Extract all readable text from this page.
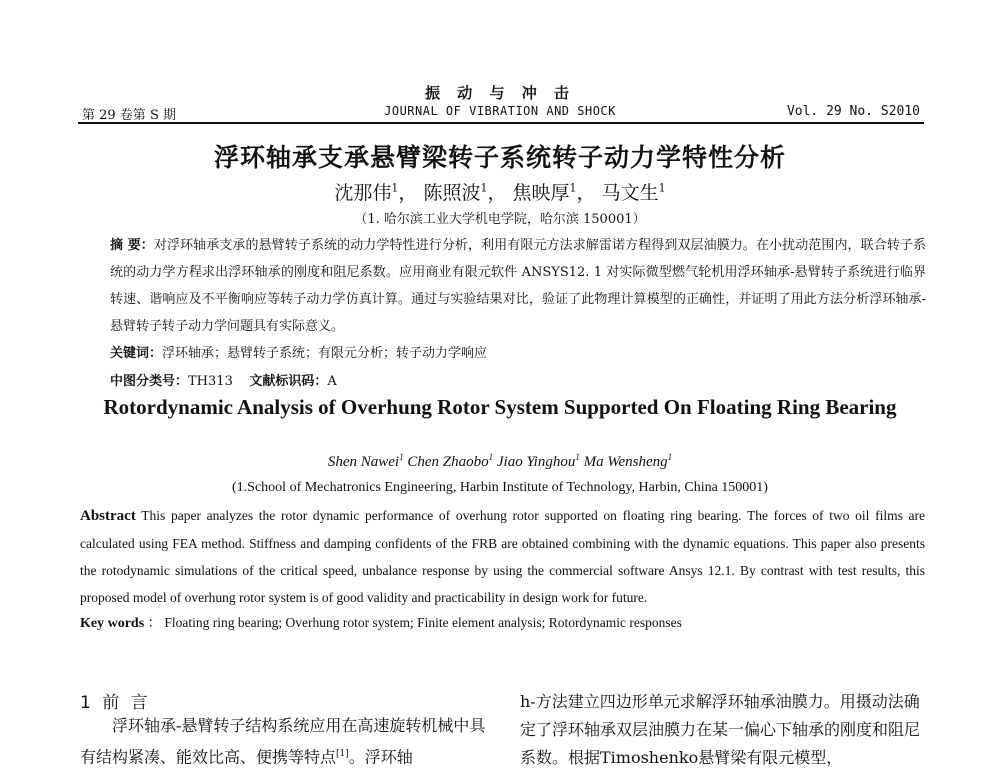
振 动 与 冲 击
第 29 卷第 S 期	JOURNAL OF VIBRATION AND SHOCK	Vol. 29 No. S2010
浮环轴承支承悬臂梁转子系统转子动力学特性分析
沈那伟$^1$， 陈照波$^1$， 焦映厚$^1$， 马文生$^1$
（1. 哈尔滨工业大学机电学院，哈尔滨 150001）
摘 要：对浮环轴承支承的悬臂转子系统的动力学特性进行分析，利用有限元方法求解雷诺方程得到双层油膜力。在小扰动范围内，联合转子系统的动力学方程求出浮环轴承的刚度和阻尼系数。应用商业有限元软件 ANSYS12. 1 对实际微型燃气轮机用浮环轴承-悬臂转子系统进行临界转速、谐响应及不平衡响应等转子动力学仿真计算。通过与实验结果对比，验证了此物理计算模型的正确性，并证明了用此方法分析浮环轴承-悬臂转子转子动力学问题具有实际意义。
关键词：浮环轴承；悬臂转子系统；有限元分析；转子动力学响应
中图分类号：TH313 文献标识码：A
Rotordynamic Analysis of Overhung Rotor System Supported On Floating Ring Bearing
Shen Nawei$^1$ Chen Zhaobo$^1$ Jiao Yinghou$^1$ Ma Wensheng$^1$
(1.School of Mechatronics Engineering, Harbin Institute of Technology, Harbin, China 150001)
Abstract This paper analyzes the rotor dynamic performance of overhung rotor supported on floating ring bearing. The forces of two oil films are calculated using FEA method. Stiffness and damping confidents of the FRB are obtained combining with the dynamic equations. This paper also presents the rotodynamic simulations of the critical speed, unbalance response by using the commercial software Ansys 12.1. By contrast with test results, this proposed model of overhung rotor system is of good validity and practicability in design work for future.
Key words ： Floating ring bearing; Overhung rotor system; Finite element analysis; Rotordynamic responses
1 前 言
浮环轴承-悬臂转子结构系统应用在高速旋转机械中具有结构紧凑、能效比高、便携等特点[1]。浮环轴
h-方法建立四边形单元求解浮环轴承油膜力。用摄动法确定了浮环轴承双层油膜力在某一偏心下轴承的刚度和阻尼系数。根据Timoshenko悬臂梁有限元模型，
